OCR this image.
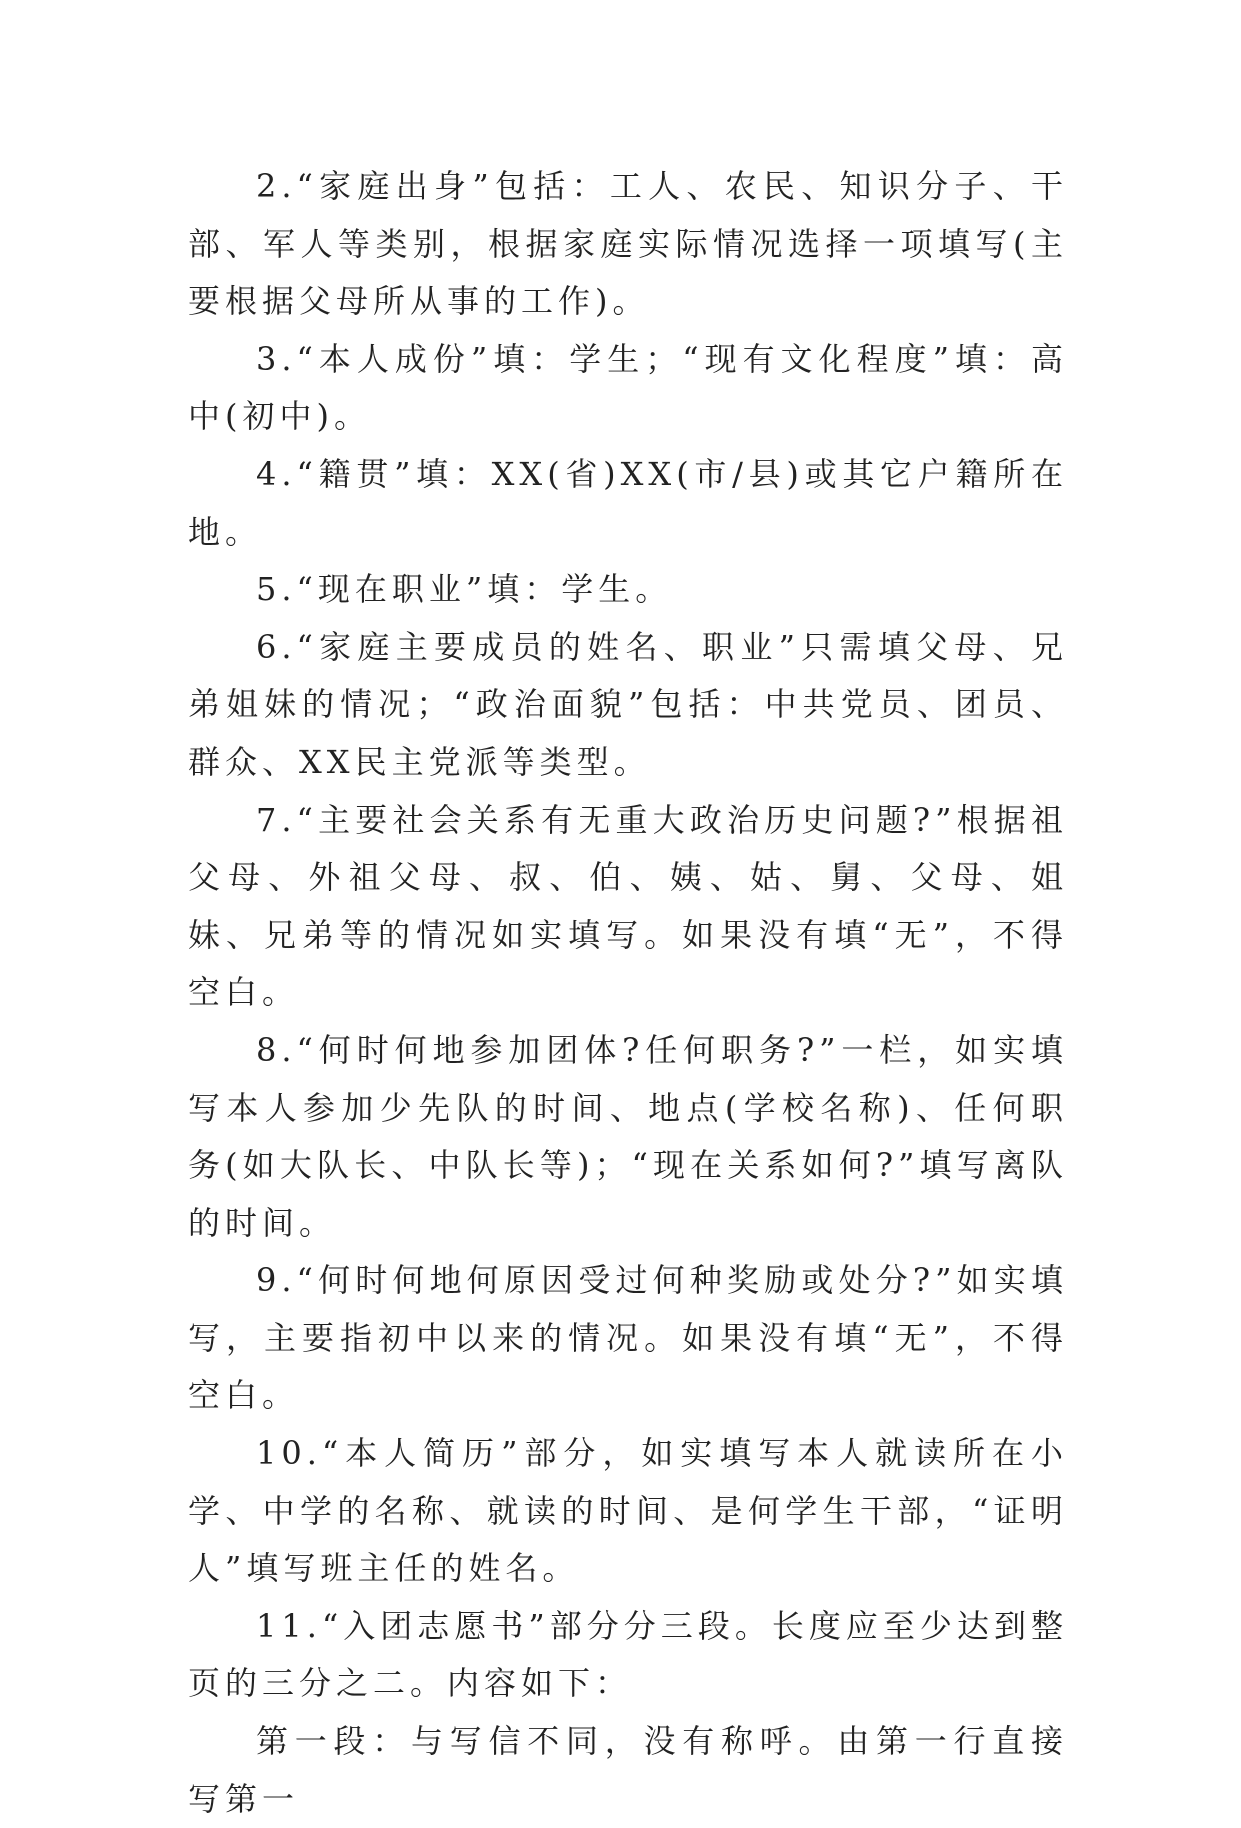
2.“家庭出身”包括：工人、农民、知识分子、干部、军人等类别，根据家庭实际情况选择一项填写(主要根据父母所从事的工作)。

3.“本人成份”填：学生；“现有文化程度”填：高中(初中)。

4.“籍贯”填：XX(省)XX(市/县)或其它户籍所在地。

5.“现在职业”填：学生。

6.“家庭主要成员的姓名、职业”只需填父母、兄弟姐妹的情况；“政治面貌”包括：中共党员、团员、群众、XX民主党派等类型。

7.“主要社会关系有无重大政治历史问题?”根据祖父母、外祖父母、叔、伯、姨、姑、舅、父母、姐妹、兄弟等的情况如实填写。如果没有填“无”，不得空白。

8.“何时何地参加团体?任何职务?”一栏，如实填写本人参加少先队的时间、地点(学校名称)、任何职务(如大队长、中队长等)；“现在关系如何?”填写离队 的时间。

9.“何时何地何原因受过何种奖励或处分?”如实填写，主要指初中以来的情况。如果没有填“无”，不得空白。

10.“本人简历”部分，如实填写本人就读所在小学、中学的名称、就读的时间、是何学生干部，“证明人”填写班主任的姓名。

11.“入团志愿书”部分分三段。长度应至少达到整页的三分之二。内容如下：

第一段：与写信不同，没有称呼。由第一行直接写第一
